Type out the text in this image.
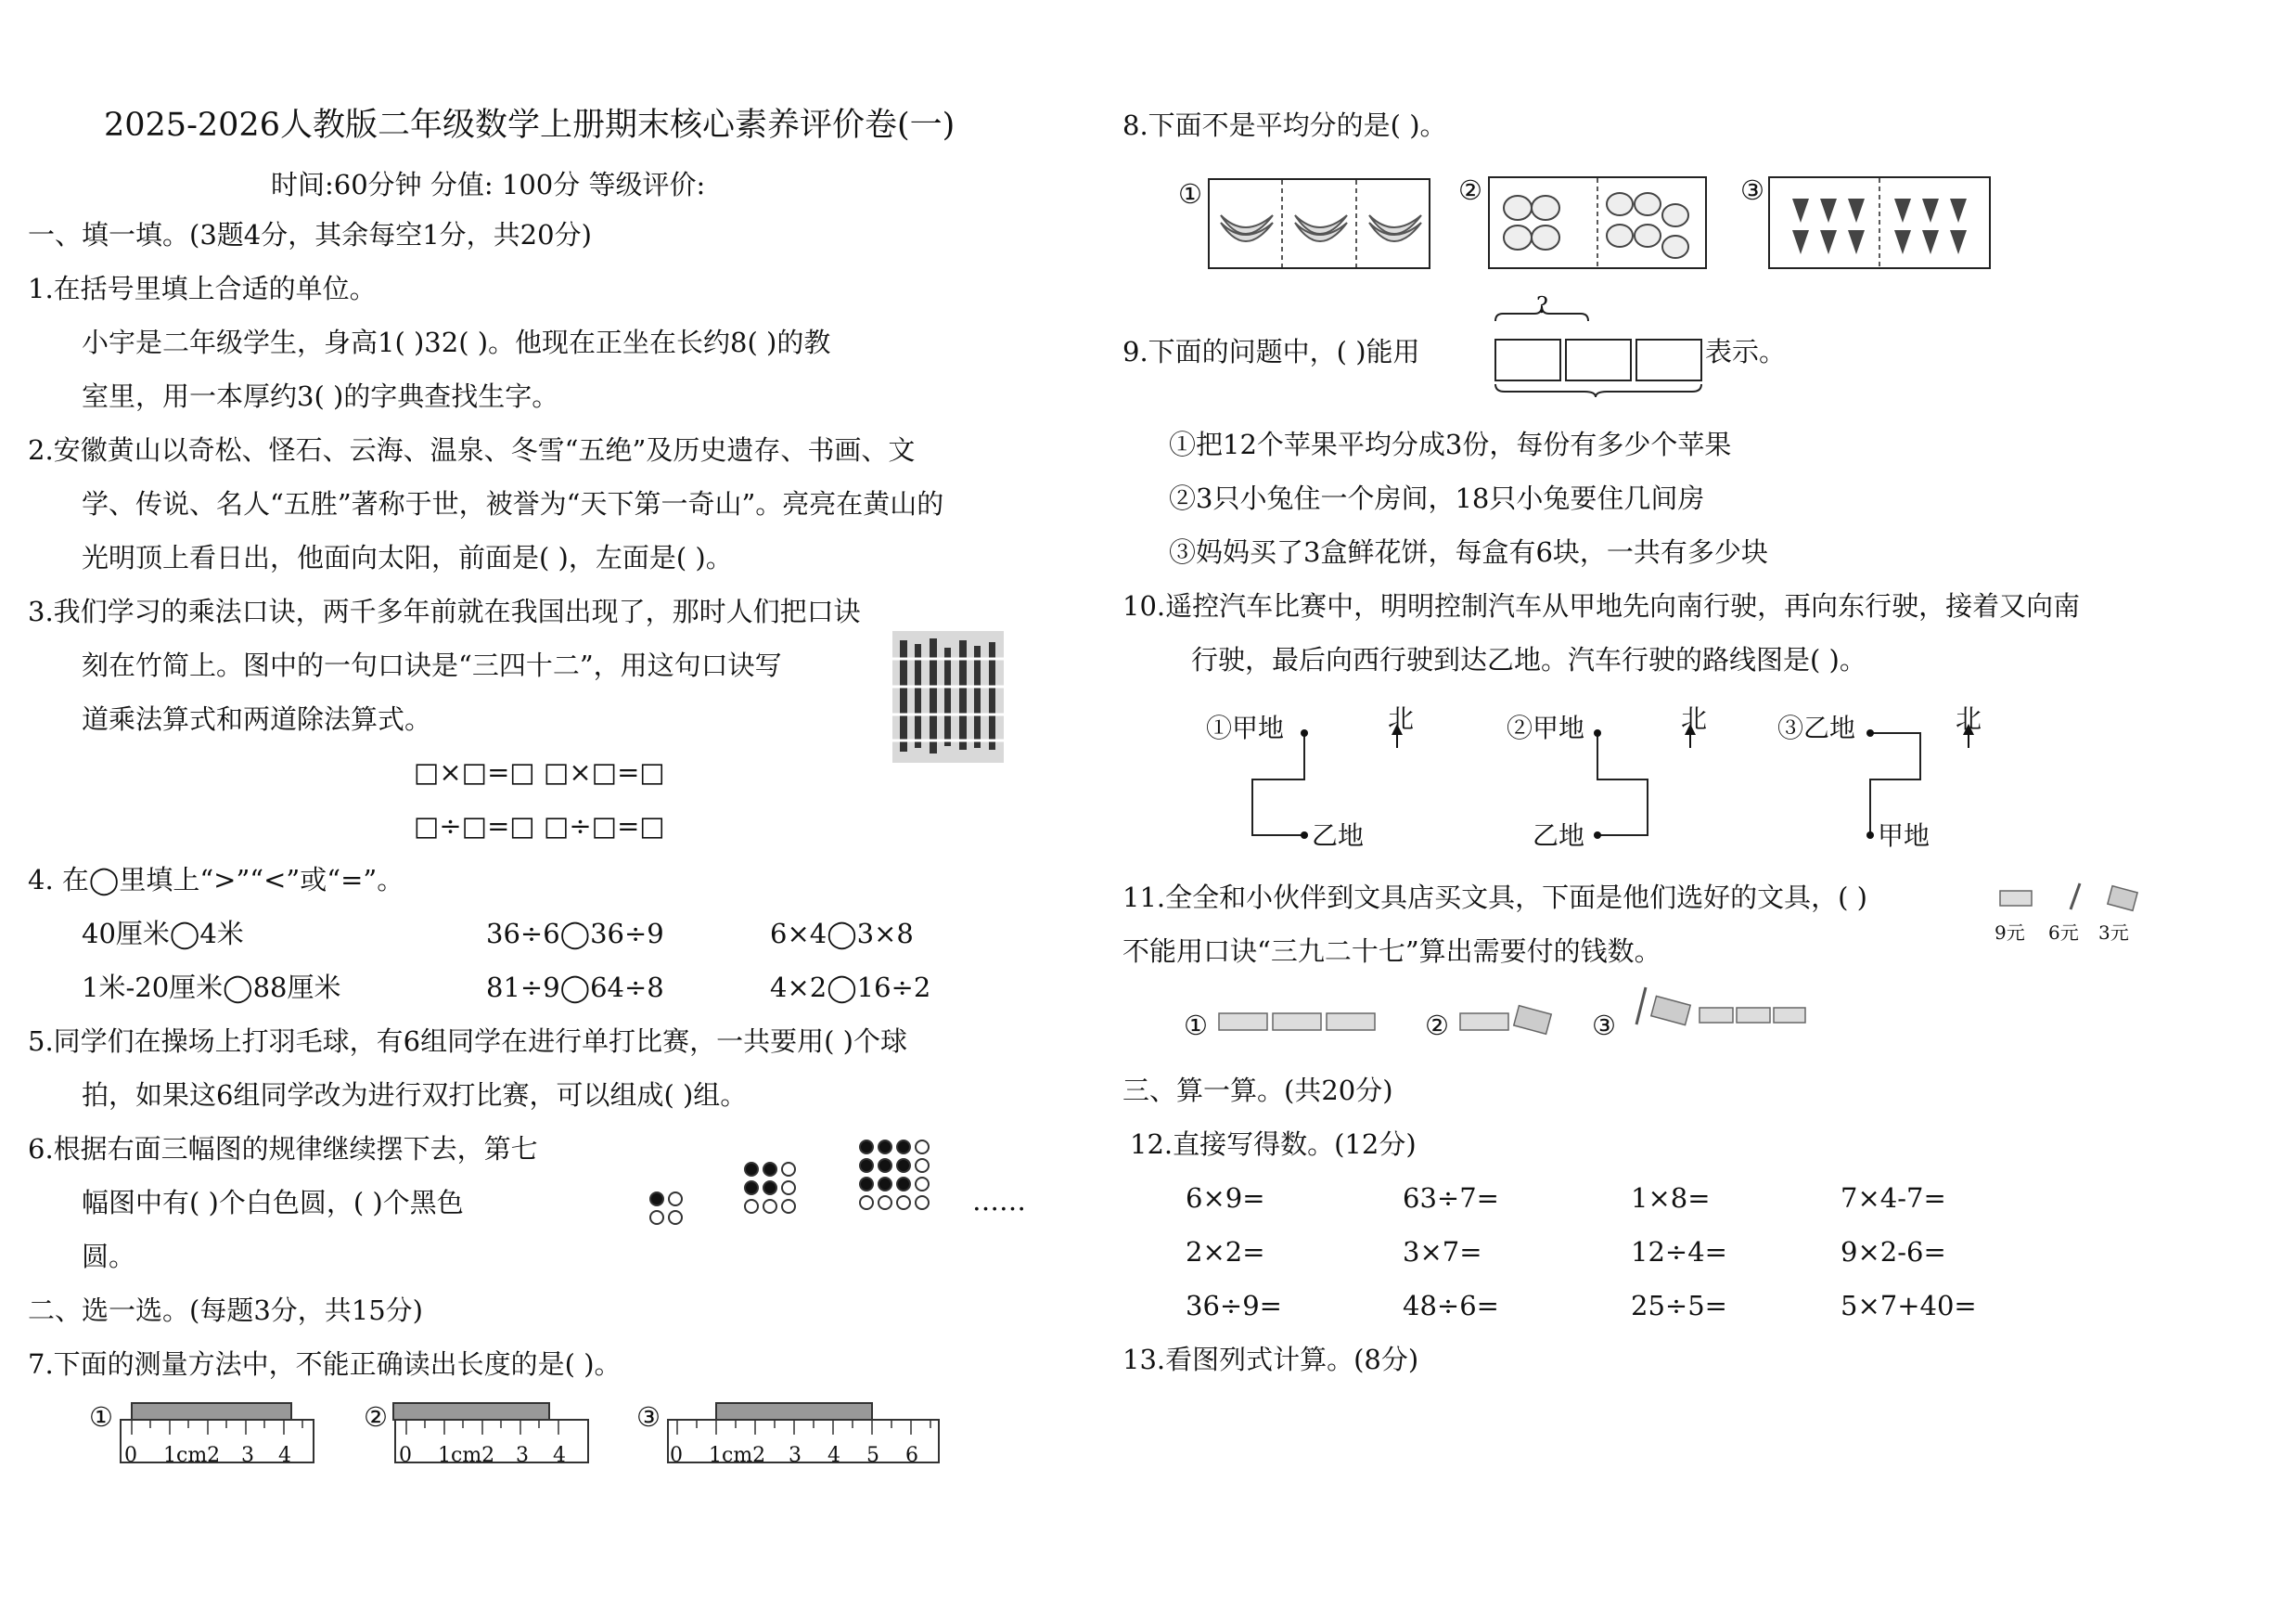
2025-2026人教版二年级数学上册期末核心素养评价卷(一)
时间:60分钟 分值: 100分 等级评价:
一、填一填。(3题4分，其余每空1分，共20分)
1.在括号里填上合适的单位。
小宇是二年级学生，身高1( )32( )。他现在正坐在长约8( )的教
室里，用一本厚约3( )的字典查找生字。
2.安徽黄山以奇松、怪石、云海、温泉、冬雪“五绝”及历史遗存、书画、文
学、传说、名人“五胜”著称于世，被誉为“天下第一奇山”。亮亮在黄山的
光明顶上看日出，他面向太阳，前面是( )，左面是( )。
3.我们学习的乘法口诀，两千多年前就在我国出现了，那时人们把口诀
刻在竹简上。图中的一句口诀是“三四十二”，用这句口诀写
道乘法算式和两道除法算式。
□×□=□ □×□=□
□÷□=□ □÷□=□
4. 在◯里填上“>”“<”或“=”。
40厘米◯4米	36÷6◯36÷9	6×4◯3×8
1米-20厘米◯88厘米	81÷9◯64÷8	4×2◯16÷2
5.同学们在操场上打羽毛球，有6组同学在进行单打比赛，一共要用( )个球
拍，如果这6组同学改为进行双打比赛，可以组成( )组。
6.根据右面三幅图的规律继续摆下去，第七
幅图中有( )个白色圆，( )个黑色
圆。
……
二、选一选。(每题3分，共15分)
7.下面的测量方法中，不能正确读出长度的是( )。
①
0 1cm2 3 4
②
0 1cm2 3 4
③
0 1cm2 3 4 5 6
8.下面不是平均分的是( )。
①	②	③
9.下面的问题中，( )能用
?
表示。
①把12个苹果平均分成3份，每份有多少个苹果
②3只小兔住一个房间，18只小兔要住几间房
③妈妈买了3盒鲜花饼，每盒有6块，一共有多少块
10.遥控汽车比赛中，明明控制汽车从甲地先向南行驶，再向东行驶，接着又向南
行驶，最后向西行驶到达乙地。汽车行驶的路线图是( )。
①甲地	北
乙地
②甲地	北
乙地
③乙地	北
甲地
11.全全和小伙伴到文具店买文具，下面是他们选好的文具，( )
不能用口诀“三九二十七”算出需要付的钱数。
9元 6元 3元
①	②	③
三、算一算。(共20分)
12.直接写得数。(12分)
6×9=	63÷7=	1×8=	7×4-7=
2×2=	3×7=	12÷4=	9×2-6=
36÷9=	48÷6=	25÷5=	5×7+40=
13.看图列式计算。(8分)
